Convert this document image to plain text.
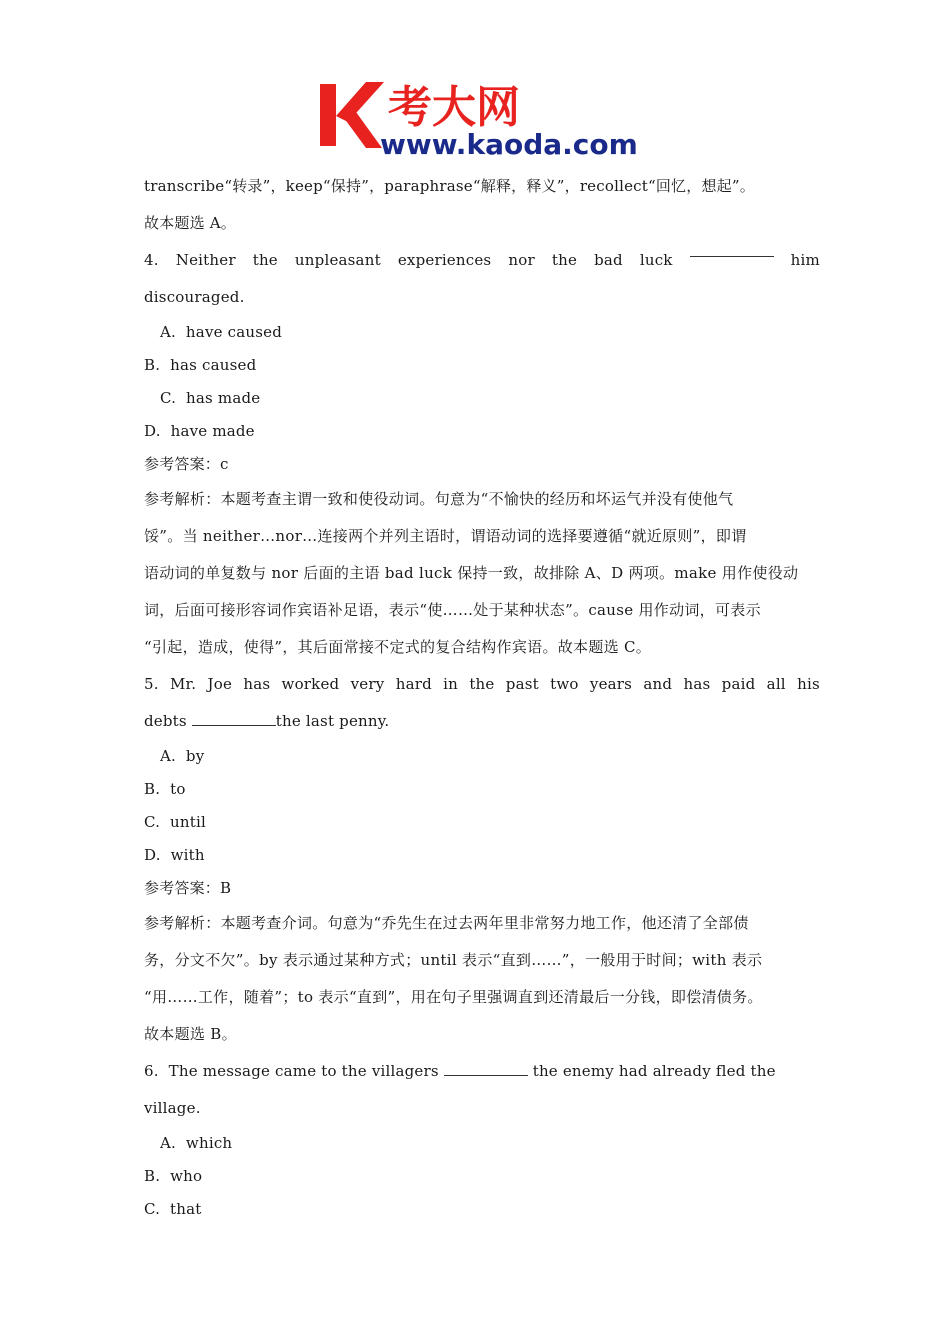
考大网
www.kaoda.com

transcribe“转录”，keep“保持”，paraphrase“解释，释义”，recollect“回忆，想起”。

故本题选 A。

4. Neither the unpleasant experiences nor the bad luck	him

discouraged.

A.  have caused

B.  has caused

C.  has made

D.  have made

参考答案：c

参考解析：本题考查主谓一致和使役动词。句意为“不愉快的经历和坏运气并没有使他气

馁”。当 neither…nor…连接两个并列主语时，谓语动词的选择要遵循“就近原则”，即谓

语动词的单复数与 nor 后面的主语 bad luck 保持一致，故排除 A、D 两项。make 用作使役动

词，后面可接形容词作宾语补足语，表示“使……处于某种状态”。cause 用作动词，可表示

“引起，造成，使得”，其后面常接不定式的复合结构作宾语。故本题选 C。

5. Mr. Joe has worked very hard in the past two years and has paid all his

debts	the last penny.

A.  by

B.  to

C.  until

D.  with

参考答案：B

参考解析：本题考查介词。句意为“乔先生在过去两年里非常努力地工作，他还清了全部债

务，分文不欠”。by 表示通过某种方式；until 表示“直到……”，一般用于时间；with 表示

“用……工作，随着”；to 表示“直到”，用在句子里强调直到还清最后一分钱，即偿清债务。

故本题选 B。

6.  The message came to the villagers	the enemy had already fled the

village.

A.  which

B.  who

C.  that
